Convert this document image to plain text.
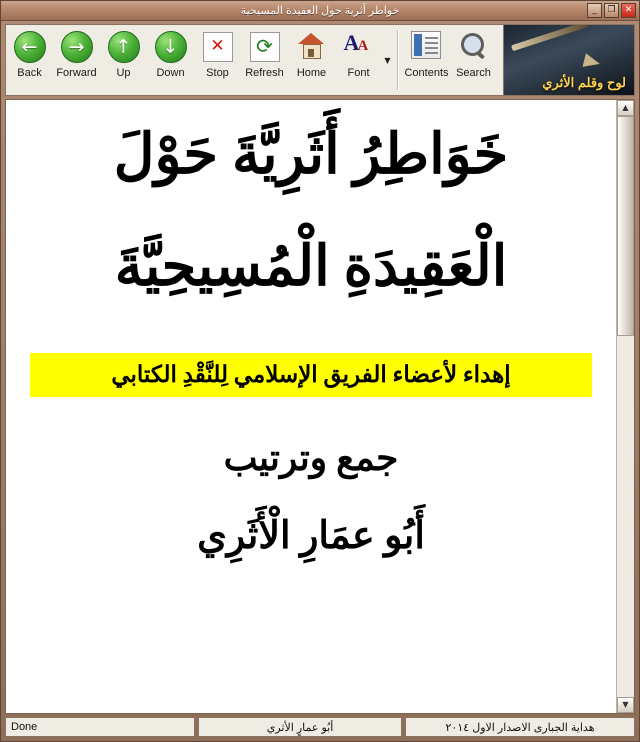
خواطر أثرية حول العقيدة المسيحية	_	❐	✕
←
Back
→
Forward
↑
Up
↓
Down
✕ Stop
⟳ Refresh Home
A
A
Font
▼
Contents Search
لوح وقلم الأثري
خَوَاطِرُ أَثَرِيَّةَ حَوْلَ
الْعَقِيدَةِ الْمُسِيحِيَّةَ
إهداء لأعضاء الفريق الإسلامي لِلنَّقْدِ الكتابي
جمع وترتيب
أَبُو عمَارِ الْأَثَرِي
▲
▼
Done	أبُو عمارٍ الأثري	هداية الجبارى الاصدار الاول ٢٠١٤
